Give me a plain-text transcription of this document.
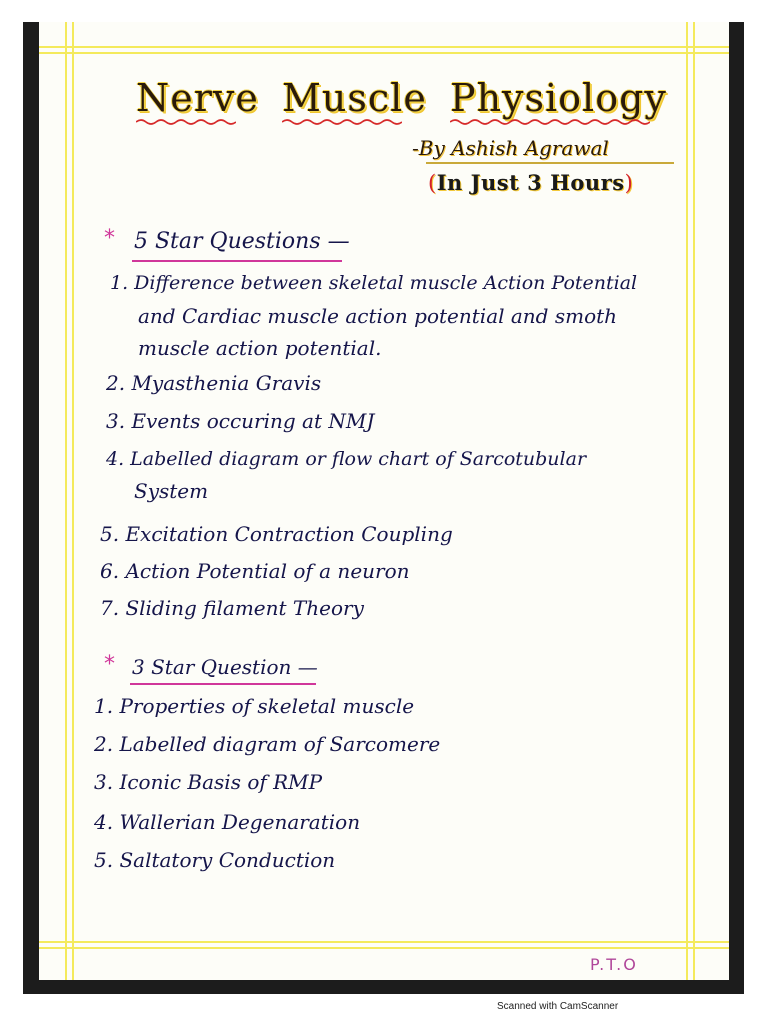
Nerve Muscle Physiology
-By Ashish Agrawal
(In Just 3 Hours)
* 5 Star Questions —
1. Difference between skeletal muscle Action Potential
and Cardiac muscle action potential and smoth
muscle action potential.
2. Myasthenia Gravis
3. Events occuring at NMJ
4. Labelled diagram or flow chart of Sarcotubular
System
5. Excitation Contraction Coupling
6. Action Potential of a neuron
7. Sliding filament Theory
* 3 Star Question —
1. Properties of skeletal muscle
2. Labelled diagram of Sarcomere
3. Iconic Basis of RMP
4. Wallerian Degenaration
5. Saltatory Conduction
P.T.O
Scanned with CamScanner
